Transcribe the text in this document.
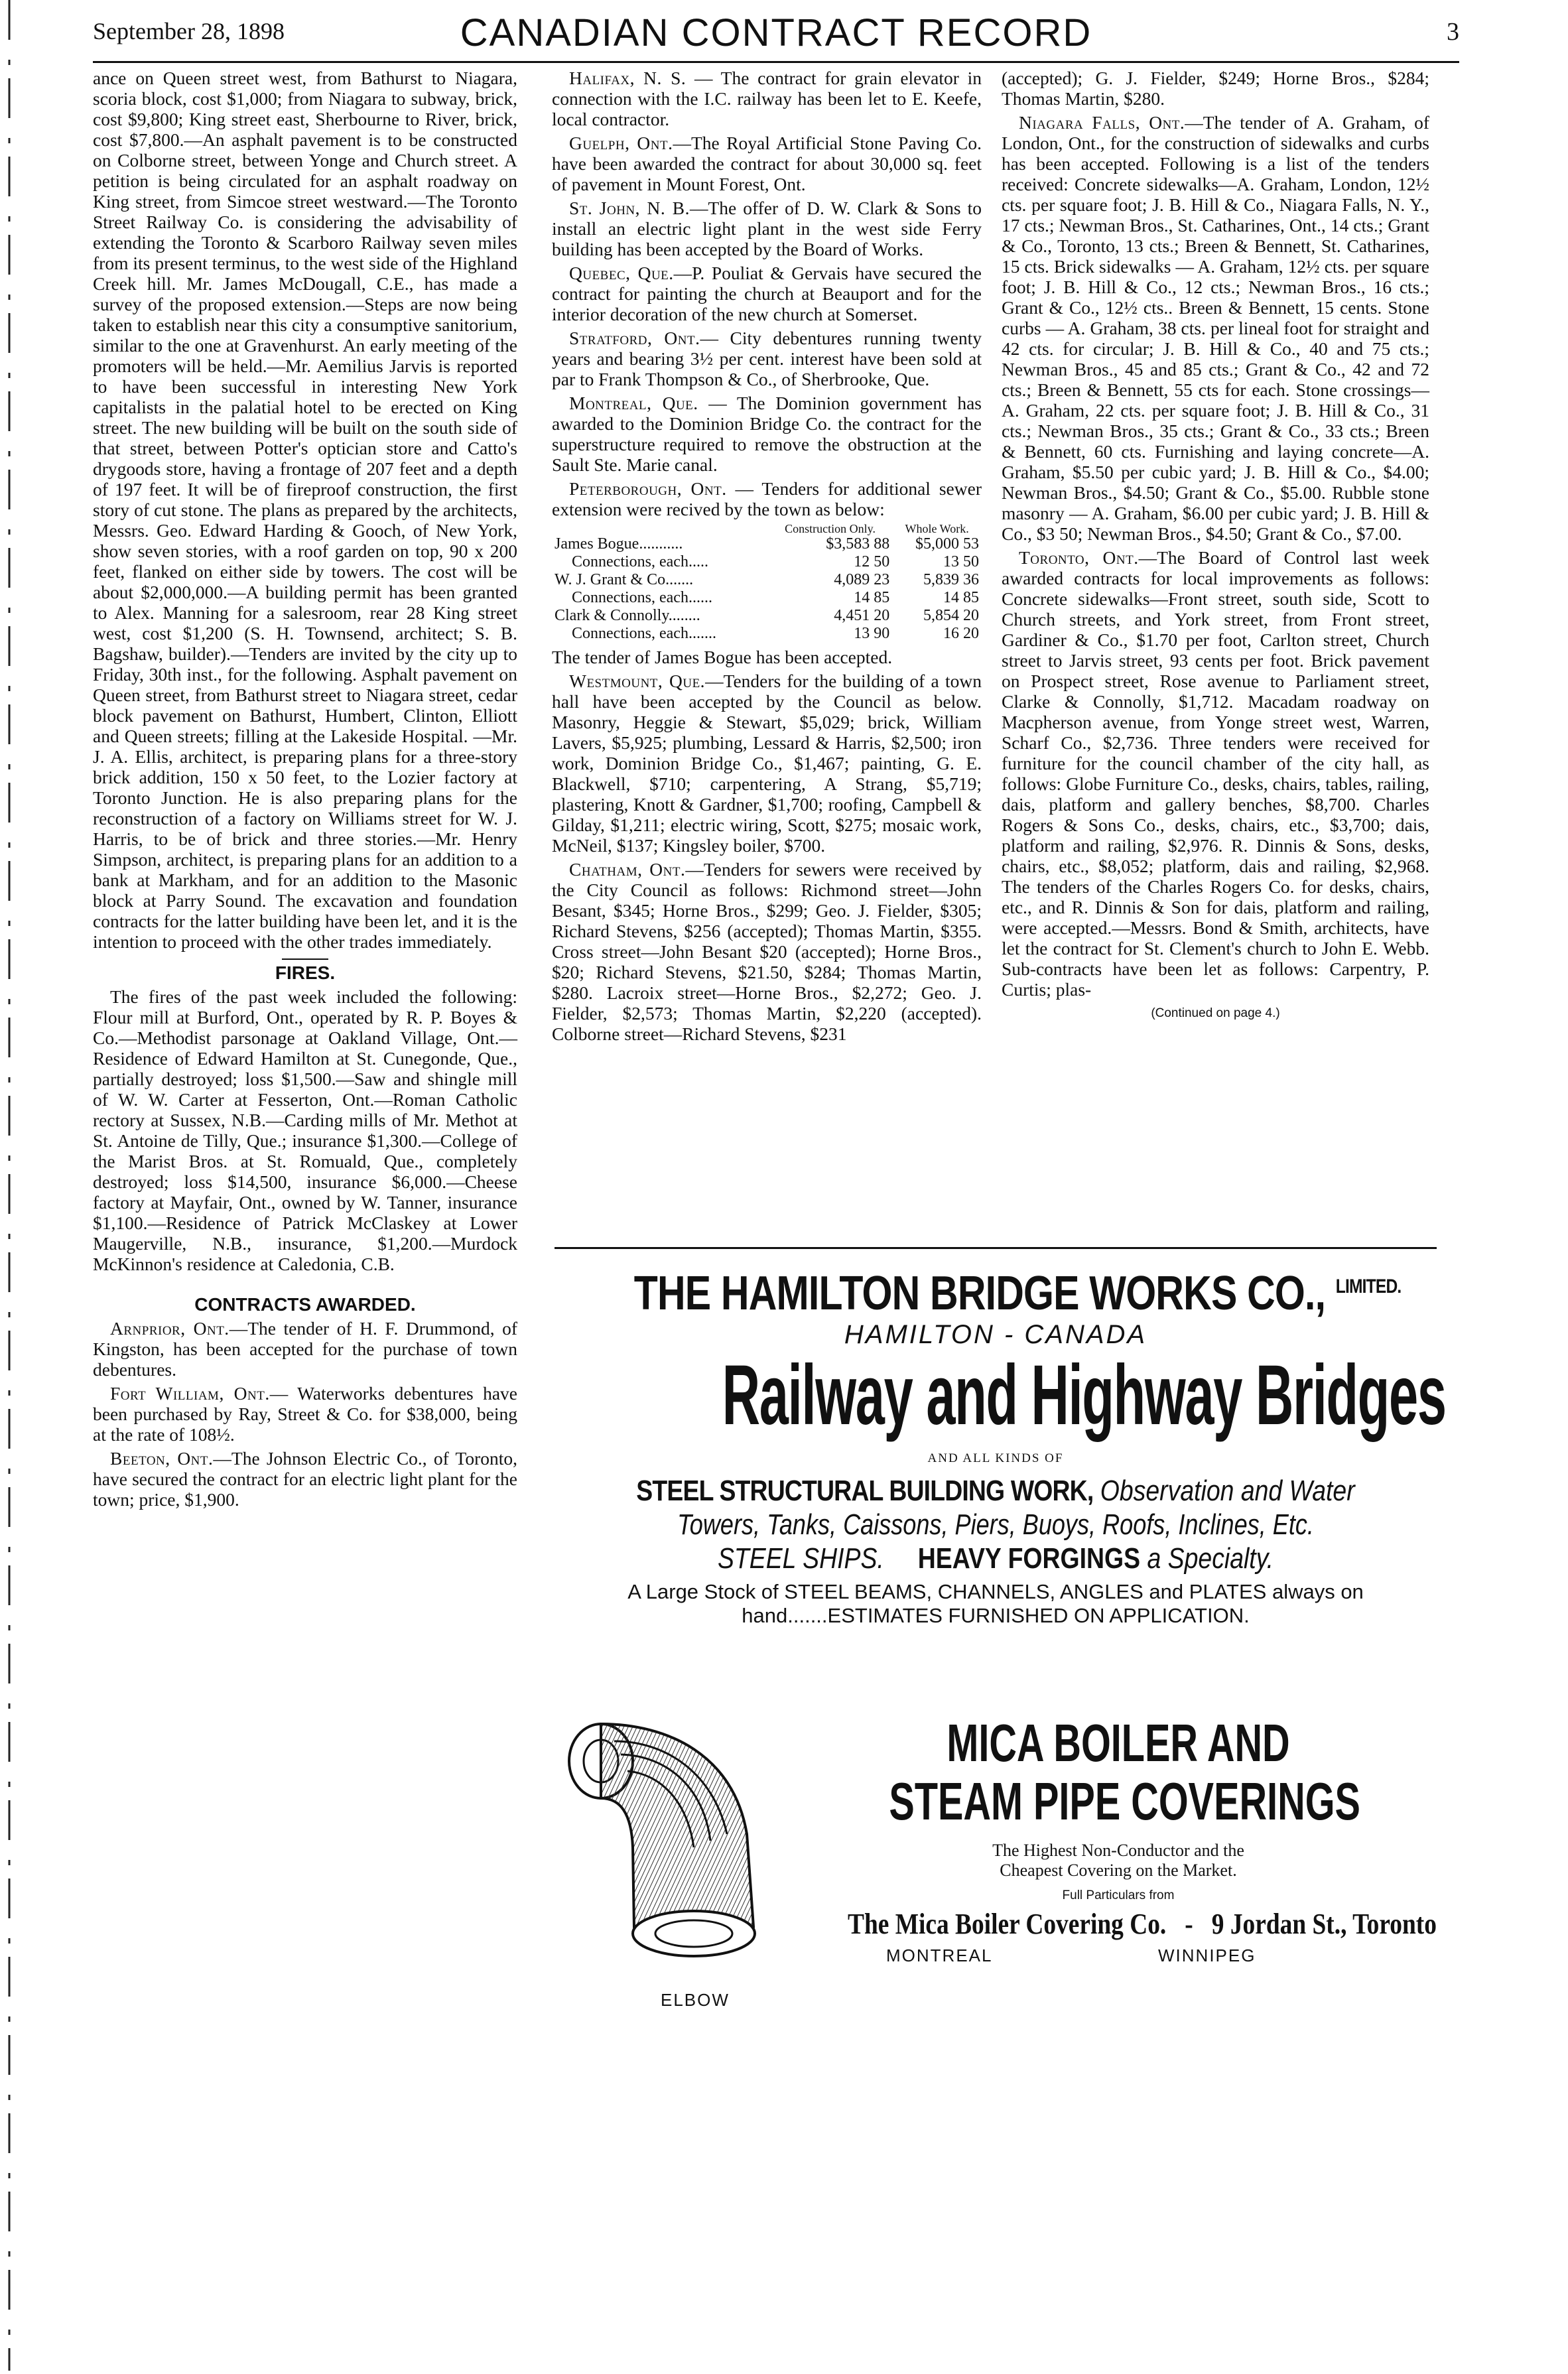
September 28, 1898	CANADIAN CONTRACT RECORD	3

ance on Queen street west, from Bathurst to Niagara, scoria block, cost $1,000; from Niagara to subway, brick, cost $9,800; King street east, Sherbourne to River, brick, cost $7,800.—An asphalt pavement is to be constructed on Colborne street, between Yonge and Church street. A petition is being circulated for an asphalt roadway on King street, from Simcoe street westward.—The Toronto Street Railway Co. is considering the advisability of extending the Toronto & Scarboro Railway seven miles from its present terminus, to the west side of the Highland Creek hill. Mr. James McDougall, C.E., has made a survey of the proposed extension.—Steps are now being taken to establish near this city a consumptive sanitorium, similar to the one at Gravenhurst. An early meeting of the promoters will be held.—Mr. Aemilius Jarvis is reported to have been successful in interesting New York capitalists in the palatial hotel to be erected on King street. The new building will be built on the south side of that street, between Potter's optician store and Catto's drygoods store, having a frontage of 207 feet and a depth of 197 feet. It will be of fireproof construction, the first story of cut stone. The plans as prepared by the architects, Messrs. Geo. Edward Harding & Gooch, of New York, show seven stories, with a roof garden on top, 90 x 200 feet, flanked on either side by towers. The cost will be about $2,000,000.—A building permit has been granted to Alex. Manning for a salesroom, rear 28 King street west, cost $1,200 (S. H. Townsend, architect; S. B. Bagshaw, builder).—Tenders are invited by the city up to Friday, 30th inst., for the following. Asphalt pavement on Queen street, from Bathurst street to Niagara street, cedar block pavement on Bathurst, Humbert, Clinton, Elliott and Queen streets; filling at the Lakeside Hospital. —Mr. J. A. Ellis, architect, is preparing plans for a three-story brick addition, 150 x 50 feet, to the Lozier factory at Toronto Junction. He is also preparing plans for the reconstruction of a factory on Williams street for W. J. Harris, to be of brick and three stories.—Mr. Henry Simpson, architect, is preparing plans for an addition to a bank at Markham, and for an addition to the Masonic block at Parry Sound. The excavation and foundation contracts for the latter building have been let, and it is the intention to proceed with the other trades immediately.

FIRES.

The fires of the past week included the following: Flour mill at Burford, Ont., operated by R. P. Boyes & Co.—Methodist parsonage at Oakland Village, Ont.—Residence of Edward Hamilton at St. Cunegonde, Que., partially destroyed; loss $1,500.—Saw and shingle mill of W. W. Carter at Fesserton, Ont.—Roman Catholic rectory at Sussex, N.B.—Carding mills of Mr. Methot at St. Antoine de Tilly, Que.; insurance $1,300.—College of the Marist Bros. at St. Romuald, Que., completely destroyed; loss $14,500, insurance $6,000.—Cheese factory at Mayfair, Ont., owned by W. Tanner, insurance $1,100.—Residence of Patrick McClaskey at Lower Maugerville, N.B., insurance, $1,200.—Murdock McKinnon's residence at Caledonia, C.B.

CONTRACTS AWARDED.

Arnprior, Ont.—The tender of H. F. Drummond, of Kingston, has been accepted for the purchase of town debentures.

Fort William, Ont.— Waterworks debentures have been purchased by Ray, Street & Co. for $38,000, being at the rate of 108½.

Beeton, Ont.—The Johnson Electric Co., of Toronto, have secured the contract for an electric light plant for the town; price, $1,900.

Halifax, N. S. — The contract for grain elevator in connection with the I.C. railway has been let to E. Keefe, local contractor.

Guelph, Ont.—The Royal Artificial Stone Paving Co. have been awarded the contract for about 30,000 sq. feet of pavement in Mount Forest, Ont.

St. John, N. B.—The offer of D. W. Clark & Sons to install an electric light plant in the west side Ferry building has been accepted by the Board of Works.

Quebec, Que.—P. Pouliat & Gervais have secured the contract for painting the church at Beauport and for the interior decoration of the new church at Somerset.

Stratford, Ont.— City debentures running twenty years and bearing 3½ per cent. interest have been sold at par to Frank Thompson & Co., of Sherbrooke, Que.

Montreal, Que. — The Dominion government has awarded to the Dominion Bridge Co. the contract for the superstructure required to remove the obstruction at the Sault Ste. Marie canal.

Peterborough, Ont. — Tenders for additional sewer extension were recived by the town as below:

	Construction Only.	Whole Work.
James Bogue...........	$3,583 88	$5,000 53
Connections, each.....	12 50	13 50
W. J. Grant & Co.......	4,089 23	5,839 36
Connections, each......	14 85	14 85
Clark & Connolly........	4,451 20	5,854 20
Connections, each.......	13 90	16 20

The tender of James Bogue has been accepted.

Westmount, Que.—Tenders for the building of a town hall have been accepted by the Council as below. Masonry, Heggie & Stewart, $5,029; brick, William Lavers, $5,925; plumbing, Lessard & Harris, $2,500; iron work, Dominion Bridge Co., $1,467; painting, G. E. Blackwell, $710; carpentering, A Strang, $5,719; plastering, Knott & Gardner, $1,700; roofing, Campbell & Gilday, $1,211; electric wiring, Scott, $275; mosaic work, McNeil, $137; Kingsley boiler, $700.

Chatham, Ont.—Tenders for sewers were received by the City Council as follows: Richmond street—John Besant, $345; Horne Bros., $299; Geo. J. Fielder, $305; Richard Stevens, $256 (accepted); Thomas Martin, $355. Cross street—John Besant $20 (accepted); Horne Bros., $20; Richard Stevens, $21.50, $284; Thomas Martin, $280. Lacroix street—Horne Bros., $2,272; Geo. J. Fielder, $2,573; Thomas Martin, $2,220 (accepted). Colborne street—Richard Stevens, $231

(accepted); G. J. Fielder, $249; Horne Bros., $284; Thomas Martin, $280.

Niagara Falls, Ont.—The tender of A. Graham, of London, Ont., for the construction of sidewalks and curbs has been accepted. Following is a list of the tenders received: Concrete sidewalks—A. Graham, London, 12½ cts. per square foot; J. B. Hill & Co., Niagara Falls, N. Y., 17 cts.; Newman Bros., St. Catharines, Ont., 14 cts.; Grant & Co., Toronto, 13 cts.; Breen & Bennett, St. Catharines, 15 cts. Brick sidewalks — A. Graham, 12½ cts. per square foot; J. B. Hill & Co., 12 cts.; Newman Bros., 16 cts.; Grant & Co., 12½ cts.. Breen & Bennett, 15 cents. Stone curbs — A. Graham, 38 cts. per lineal foot for straight and 42 cts. for circular; J. B. Hill & Co., 40 and 75 cts.; Newman Bros., 45 and 85 cts.; Grant & Co., 42 and 72 cts.; Breen & Bennett, 55 cts for each. Stone crossings—A. Graham, 22 cts. per square foot; J. B. Hill & Co., 31 cts.; Newman Bros., 35 cts.; Grant & Co., 33 cts.; Breen & Bennett, 60 cts. Furnishing and laying concrete—A. Graham, $5.50 per cubic yard; J. B. Hill & Co., $4.00; Newman Bros., $4.50; Grant & Co., $5.00. Rubble stone masonry — A. Graham, $6.00 per cubic yard; J. B. Hill & Co., $3 50; Newman Bros., $4.50; Grant & Co., $7.00.

Toronto, Ont.—The Board of Control last week awarded contracts for local improvements as follows: Concrete sidewalks—Front street, south side, Scott to Church streets, and York street, from Front street, Gardiner & Co., $1.70 per foot, Carlton street, Church street to Jarvis street, 93 cents per foot. Brick pavement on Prospect street, Rose avenue to Parliament street, Clarke & Connolly, $1,712. Macadam roadway on Macpherson avenue, from Yonge street west, Warren, Scharf Co., $2,736. Three tenders were received for furniture for the council chamber of the city hall, as follows: Globe Furniture Co., desks, chairs, tables, railing, dais, platform and gallery benches, $8,700. Charles Rogers & Sons Co., desks, chairs, etc., $3,700; dais, platform and railing, $2,976. R. Dinnis & Sons, desks, chairs, etc., $8,052; platform, dais and railing, $2,968. The tenders of the Charles Rogers Co. for desks, chairs, etc., and R. Dinnis & Son for dais, platform and railing, were accepted.—Messrs. Bond & Smith, architects, have let the contract for St. Clement's church to John E. Webb. Sub-contracts have been let as follows: Carpentry, P. Curtis; plas-

(Continued on page 4.)

THE HAMILTON BRIDGE WORKS CO., $^{LIMITED.}$
HAMILTON - CANADA
Railway and Highway Bridges
AND ALL KINDS OF
STEEL STRUCTURAL BUILDING WORK, Observation and Water
Towers, Tanks, Caissons, Piers, Buoys, Roofs, Inclines, Etc.
STEEL SHIPS. HEAVY FORGINGS a Specialty.
A Large Stock of STEEL BEAMS, CHANNELS, ANGLES and PLATES always on hand.......ESTIMATES FURNISHED ON APPLICATION.
ELBOW
MICA BOILER AND
STEAM PIPE COVERINGS
The Highest Non-Conductor and the
Cheapest Covering on the Market.
Full Particulars from
The Mica Boiler Covering Co. - 9 Jordan St., Toronto
MONTREAL	WINNIPEG
